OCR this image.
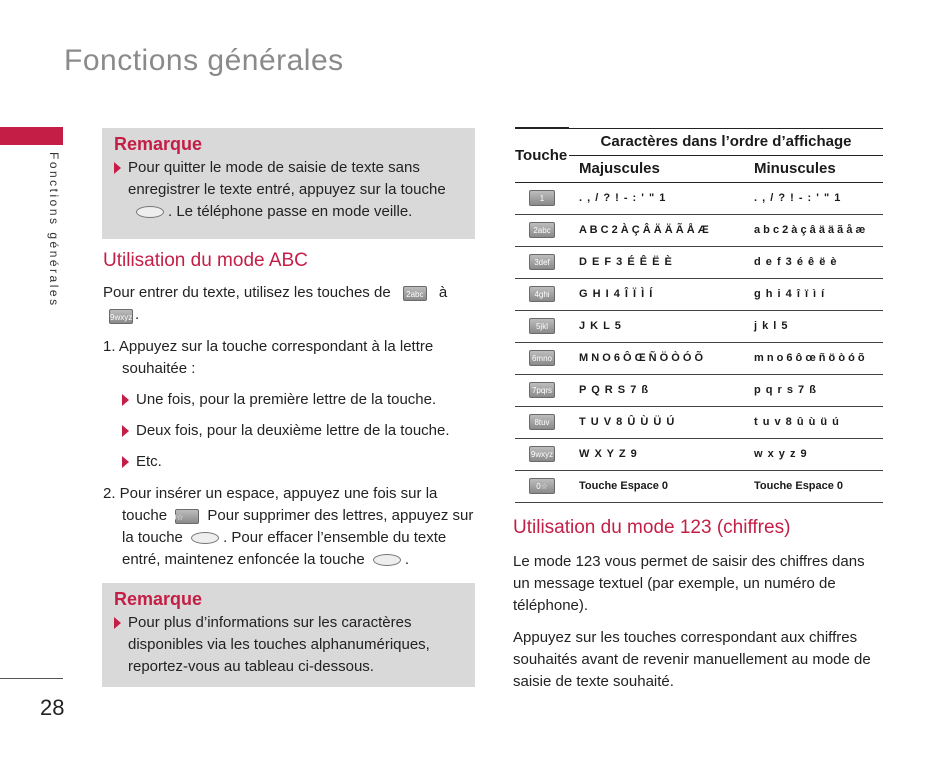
Fonctions générales
Fonctions générales
28
Remarque

Pour quitter le mode de saisie de texte sans enregistrer le texte entré, appuyez sur la touche
. Le téléphone passe en mode veille.

Utilisation du mode ABC
Pour entrer du texte, utilisez les touches de 2abc à
9wxyz .

1. Appuyez sur la touche correspondant à la lettre souhaitée :

Une fois, pour la première lettre de la touche.

Deux fois, pour la deuxième lettre de la touche.

Etc.

2. Pour insérer un espace, appuyez une fois sur la touche 0☆ Pour supprimer des lettres, appuyez sur la touche	. Pour effacer l’ensemble du texte entré, maintenez enfoncée la touche	.

Remarque

Pour plus d’informations sur les caractères disponibles via les touches alphanumériques, reportez-vous au tableau ci-dessous.

Touche	Caractères dans l’ordre d’affichage	
	Majuscules	Minuscules
1	. , / ? ! - : ' " 1	. , / ? ! - : ' " 1
2abc	A B C 2 À Ç Â Ä Ä Ã Å Æ	a b c 2 à ç â ä ä ã å æ
3def	D E F 3 É Ê Ë È	d e f 3 é ê ë è
4ghi	G H I 4 Î Ï Ì Í	g h i 4 î ï ì í
5jkl	J K L 5	j k l 5
6mno	M N O 6 Ô Œ Ñ Ö Ò Ó Õ	m n o 6 ô œ ñ ö ò ó õ
7pqrs	P Q R S 7 ß	p q r s 7 ß
8tuv	T U V 8 Û Ù Ü Ú	t u v 8 û ù ü ú
9wxyz	W X Y Z 9	w x y z 9
0☆	Touche Espace 0	Touche Espace 0
Utilisation du mode 123 (chiffres)

Le mode 123 vous permet de saisir des chiffres dans un message textuel (par exemple, un numéro de téléphone).

Appuyez sur les touches correspondant aux chiffres souhaités avant de revenir manuellement au mode de saisie de texte souhaité.
